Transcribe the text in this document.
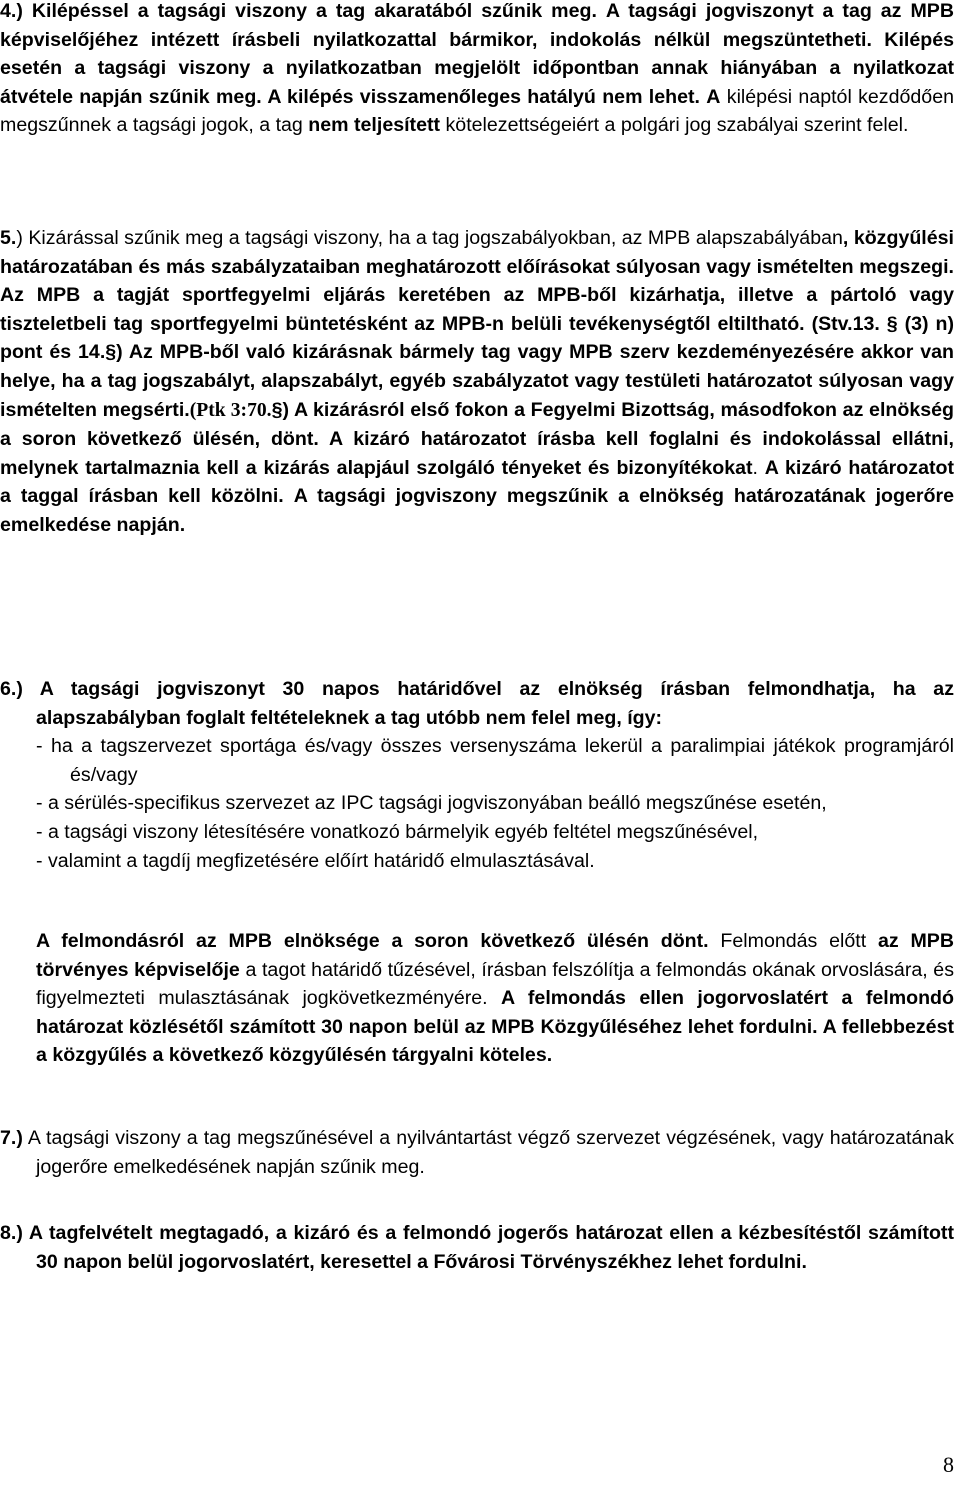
4.) Kilépéssel a tagsági viszony a tag akaratából szűnik meg. A tagsági jogviszonyt a tag az MPB képviselőjéhez intézett írásbeli nyilatkozattal bármikor, indokolás nélkül megszüntetheti. Kilépés esetén a tagsági viszony a nyilatkozatban megjelölt időpontban annak hiányában a nyilatkozat átvétele napján szűnik meg. A kilépés visszamenőleges hatályú nem lehet. A kilépési naptól kezdődően megszűnnek a tagsági jogok, a tag nem teljesített kötelezettségeiért a polgári jog szabályai szerint felel.

5.) Kizárással szűnik meg a tagsági viszony, ha a tag jogszabályokban, az MPB alapszabályában, közgyűlési határozatában és más szabályzataiban meghatározott előírásokat súlyosan vagy ismételten megszegi. Az MPB a tagját sportfegyelmi eljárás keretében az MPB-ből kizárhatja, illetve a pártoló vagy tiszteletbeli tag sportfegyelmi büntetésként az MPB-n belüli tevékenységtől eltiltható. (Stv.13. § (3) n) pont és 14.§) Az MPB-ből való kizárásnak bármely tag vagy MPB szerv kezdeményezésére akkor van helye, ha a tag jogszabályt, alapszabályt, egyéb szabályzatot vagy testületi határozatot súlyosan vagy ismételten megsérti.(Ptk 3:70.§) A kizárásról első fokon a Fegyelmi Bizottság, másodfokon az elnökség a soron következő ülésén, dönt. A kizáró határozatot írásba kell foglalni és indokolással ellátni, melynek tartalmaznia kell a kizárás alapjául szolgáló tényeket és bizonyítékokat. A kizáró határozatot a taggal írásban kell közölni. A tagsági jogviszony megszűnik a elnökség határozatának jogerőre emelkedése napján.

6.) A tagsági jogviszonyt 30 napos határidővel az elnökség írásban felmondhatja, ha az alapszabályban foglalt feltételeknek a tag utóbb nem felel meg, így:
- ha a tagszervezet sportága és/vagy összes versenyszáma lekerül a paralimpiai játékok programjáról és/vagy
- a sérülés-specifikus szervezet az IPC tagsági jogviszonyában beálló megszűnése esetén,
- a tagsági viszony létesítésére vonatkozó bármelyik egyéb feltétel megszűnésével,
- valamint a tagdíj megfizetésére előírt határidő elmulasztásával.

A felmondásról az MPB elnöksége a soron következő ülésén dönt. Felmondás előtt az MPB törvényes képviselője a tagot határidő tűzésével, írásban felszólítja a felmondás okának orvoslására, és figyelmezteti mulasztásának jogkövetkezményére. A felmondás ellen jogorvoslatért a felmondó határozat közlésétől számított 30 napon belül az MPB Közgyűléséhez lehet fordulni. A fellebbezést a közgyűlés a következő közgyűlésén tárgyalni köteles.

7.) A tagsági viszony a tag megszűnésével a nyilvántartást végző szervezet végzésének, vagy határozatának jogerőre emelkedésének napján szűnik meg.
8.) A tagfelvételt megtagadó, a kizáró és a felmondó jogerős határozat ellen a kézbesítéstől számított 30 napon belül jogorvoslatért, keresettel a Fővárosi Törvényszékhez lehet fordulni.
8
